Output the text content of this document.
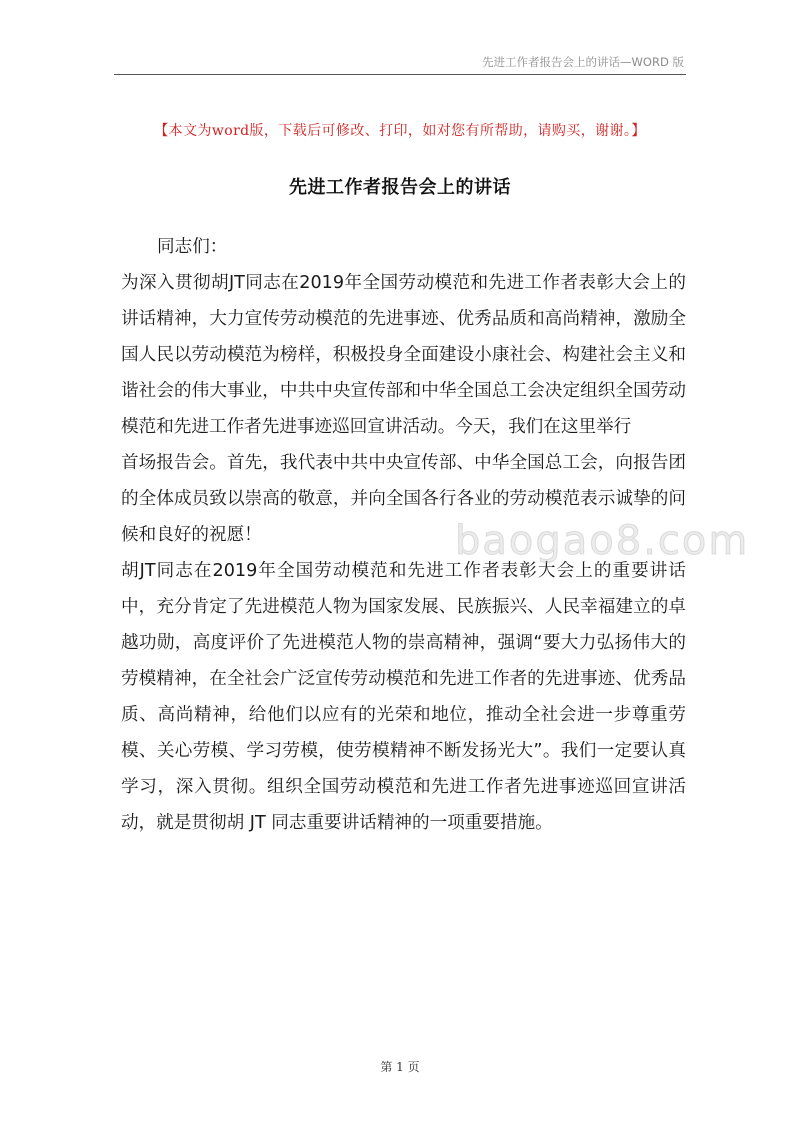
先进工作者报告会上的讲话—WORD 版
【本文为word版，下载后可修改、打印，如对您有所帮助，请购买，谢谢。】
先进工作者报告会上的讲话

同志们：

为深入贯彻胡JT同志在2019年全国劳动模范和先进工作者表彰大会上的讲话精神，大力宣传劳动模范的先进事迹、优秀品质和高尚精神，激励全国人民以劳动模范为榜样，积极投身全面建设小康社会、构建社会主义和谐社会的伟大事业，中共中央宣传部和中华全国总工会决定组织全国劳动模范和先进工作者先进事迹巡回宣讲活动。今天，我们在这里举行

首场报告会。首先，我代表中共中央宣传部、中华全国总工会，向报告团的全体成员致以崇高的敬意，并向全国各行各业的劳动模范表示诚挚的问候和良好的祝愿！

胡JT同志在2019年全国劳动模范和先进工作者表彰大会上的重要讲话中，充分肯定了先进模范人物为国家发展、民族振兴、人民幸福建立的卓越功勋，高度评价了先进模范人物的崇高精神，强调“要大力弘扬伟大的劳模精神，在全社会广泛宣传劳动模范和先进工作者的先进事迹、优秀品质、高尚精神，给他们以应有的光荣和地位，推动全社会进一步尊重劳模、关心劳模、学习劳模，使劳模精神不断发扬光大”。我们一定要认真学习，深入贯彻。组织全国劳动模范和先进工作者先进事迹巡回宣讲活动，就是贯彻胡 JT 同志重要讲话精神的一项重要措施。

baogao8.com
第 1 页
